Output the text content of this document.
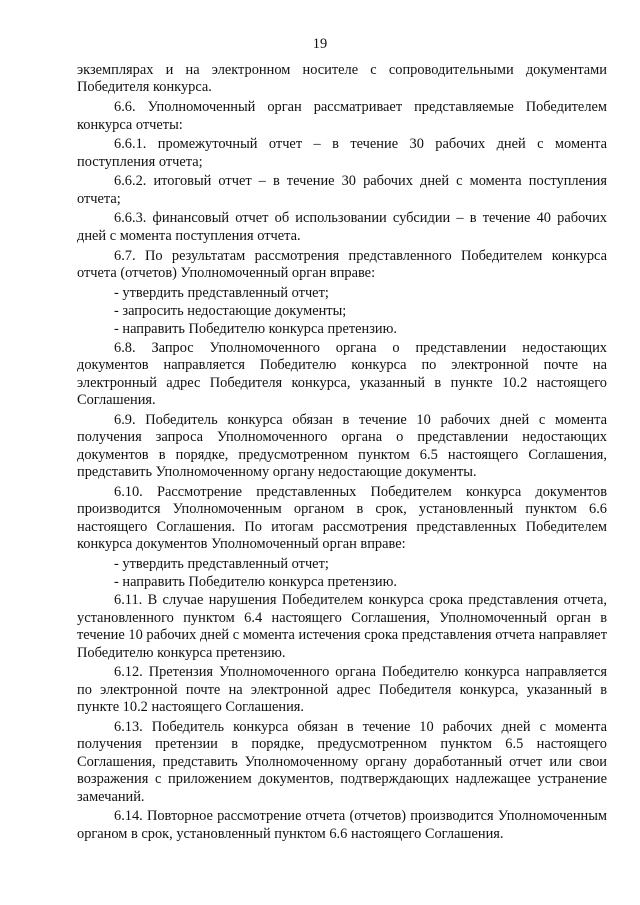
19

экземплярах и на электронном носителе с сопроводительными документами Победителя конкурса.

6.6. Уполномоченный орган рассматривает представляемые Победителем конкурса отчеты:

6.6.1. промежуточный отчет – в течение 30 рабочих дней с момента поступления отчета;

6.6.2. итоговый отчет – в течение 30 рабочих дней с момента поступления отчета;

6.6.3. финансовый отчет об использовании субсидии – в течение 40 рабочих дней с момента поступления отчета.

6.7. По результатам рассмотрения представленного Победителем конкурса отчета (отчетов) Уполномоченный орган вправе:

- утвердить представленный отчет;

- запросить недостающие документы;

- направить Победителю конкурса претензию.

6.8. Запрос Уполномоченного органа о представлении недостающих документов направляется Победителю конкурса по электронной почте на электронный адрес Победителя конкурса, указанный в пункте 10.2 настоящего Соглашения.

6.9. Победитель конкурса обязан в течение 10 рабочих дней с момента получения запроса Уполномоченного органа о представлении недостающих документов в порядке, предусмотренном пунктом 6.5 настоящего Соглашения, представить Уполномоченному органу недостающие документы.

6.10. Рассмотрение представленных Победителем конкурса документов производится Уполномоченным органом в срок, установленный пунктом 6.6 настоящего Соглашения. По итогам рассмотрения представленных Победителем конкурса документов Уполномоченный орган вправе:

- утвердить представленный отчет;

- направить Победителю конкурса претензию.

6.11. В случае нарушения Победителем конкурса срока представления отчета, установленного пунктом 6.4 настоящего Соглашения, Уполномоченный орган в течение 10 рабочих дней с момента истечения срока представления отчета направляет Победителю конкурса претензию.

6.12. Претензия Уполномоченного органа Победителю конкурса направляется по электронной почте на электронной адрес Победителя конкурса, указанный в пункте 10.2 настоящего Соглашения.

6.13. Победитель конкурса обязан в течение 10 рабочих дней с момента получения претензии в порядке, предусмотренном пунктом 6.5 настоящего Соглашения, представить Уполномоченному органу доработанный отчет или свои возражения с приложением документов, подтверждающих надлежащее устранение замечаний.

6.14. Повторное рассмотрение отчета (отчетов) производится Уполномоченным органом в срок, установленный пунктом 6.6 настоящего Соглашения.
